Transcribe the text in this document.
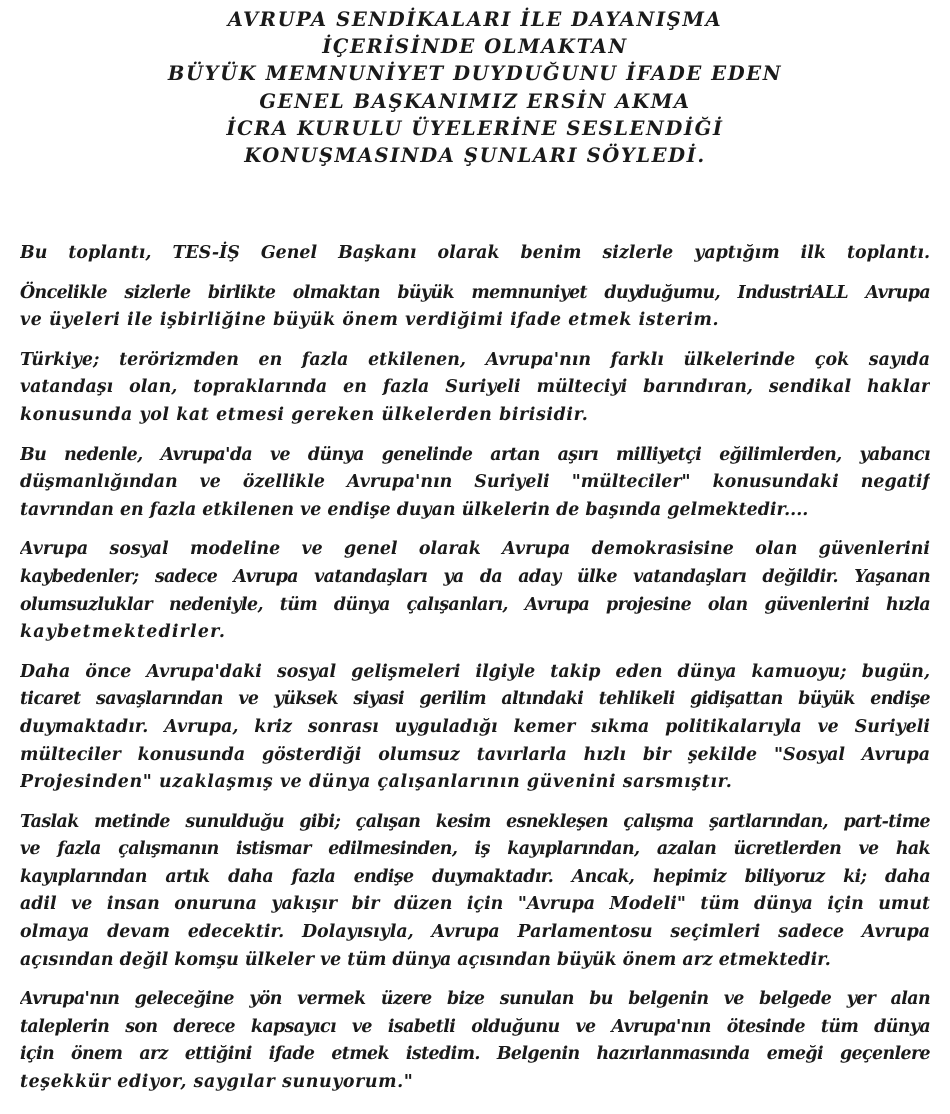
AVRUPA SENDİKALARI İLE DAYANIŞMA
İÇERİSİNDE OLMAKTAN
BÜYÜK MEMNUNİYET DUYDUĞUNU İFADE EDEN
GENEL BAŞKANIMIZ ERSİN AKMA
İCRA KURULU ÜYELERİNE SESLENDİĞİ
KONUŞMASINDA ŞUNLARI SÖYLEDİ.
Bu toplantı, TES-İŞ Genel Başkanı olarak benim sizlerle yaptığım ilk toplantı.
Öncelikle sizlerle birlikte olmaktan büyük memnuniyet duyduğumu, IndustriALL Avrupa
ve üyeleri ile işbirliğine büyük önem verdiğimi ifade etmek isterim.
Türkiye; terörizmden en fazla etkilenen, Avrupa'nın farklı ülkelerinde çok sayıda
vatandaşı olan, topraklarında en fazla Suriyeli mülteciyi barındıran, sendikal haklar
konusunda yol kat etmesi gereken ülkelerden birisidir.
Bu nedenle, Avrupa'da ve dünya genelinde artan aşırı milliyetçi eğilimlerden, yabancı
düşmanlığından ve özellikle Avrupa'nın Suriyeli "mülteciler" konusundaki negatif
tavrından en fazla etkilenen ve endişe duyan ülkelerin de başında gelmektedir....
Avrupa sosyal modeline ve genel olarak Avrupa demokrasisine olan güvenlerini
kaybedenler; sadece Avrupa vatandaşları ya da aday ülke vatandaşları değildir. Yaşanan
olumsuzluklar nedeniyle, tüm dünya çalışanları, Avrupa projesine olan güvenlerini hızla
kaybetmektedirler.
Daha önce Avrupa'daki sosyal gelişmeleri ilgiyle takip eden dünya kamuoyu; bugün,
ticaret savaşlarından ve yüksek siyasi gerilim altındaki tehlikeli gidişattan büyük endişe
duymaktadır. Avrupa, kriz sonrası uyguladığı kemer sıkma politikalarıyla ve Suriyeli
mülteciler konusunda gösterdiği olumsuz tavırlarla hızlı bir şekilde "Sosyal Avrupa
Projesinden" uzaklaşmış ve dünya çalışanlarının güvenini sarsmıştır.
Taslak metinde sunulduğu gibi; çalışan kesim esnekleşen çalışma şartlarından, part-time
ve fazla çalışmanın istismar edilmesinden, iş kayıplarından, azalan ücretlerden ve hak
kayıplarından artık daha fazla endişe duymaktadır. Ancak, hepimiz biliyoruz ki; daha
adil ve insan onuruna yakışır bir düzen için "Avrupa Modeli" tüm dünya için umut
olmaya devam edecektir. Dolayısıyla, Avrupa Parlamentosu seçimleri sadece Avrupa
açısından değil komşu ülkeler ve tüm dünya açısından büyük önem arz etmektedir.
Avrupa'nın geleceğine yön vermek üzere bize sunulan bu belgenin ve belgede yer alan
taleplerin son derece kapsayıcı ve isabetli olduğunu ve Avrupa'nın ötesinde tüm dünya
için önem arz ettiğini ifade etmek istedim. Belgenin hazırlanmasında emeği geçenlere
teşekkür ediyor, saygılar sunuyorum."
